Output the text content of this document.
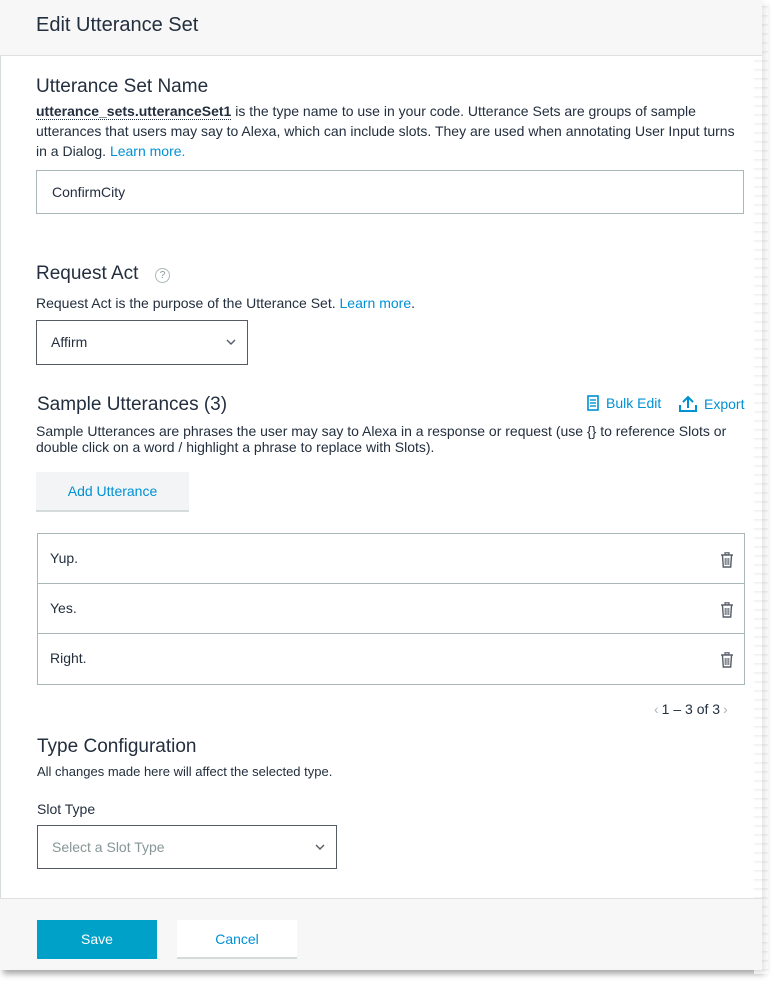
Edit Utterance Set
Utterance Set Name
utterance_sets.utteranceSet1 is the type name to use in your code. Utterance Sets are groups of sample utterances that users may say to Alexa, which can include slots. They are used when annotating User Input turns in a Dialog. Learn more.
ConfirmCity
Request Act	?
Request Act is the purpose of the Utterance Set. Learn more.
Affirm
Sample Utterances (3)	Bulk Edit	Export
Sample Utterances are phrases the user may say to Alexa in a response or request (use {} to reference Slots or double click on a word / highlight a phrase to replace with Slots).
Add Utterance
Yup.
Yes.
Right.
‹ 1 – 3 of 3 ›
Type Configuration
All changes made here will affect the selected type.
Slot Type
Select a Slot Type
Save	Cancel
